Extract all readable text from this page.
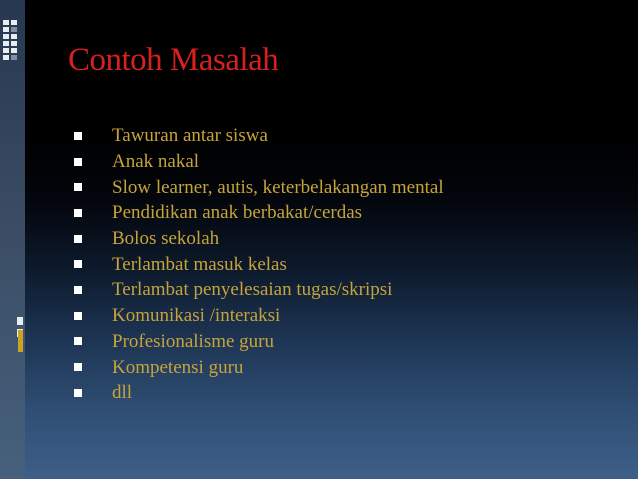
Contoh Masalah
Tawuran antar siswa
Anak nakal
Slow learner, autis, keterbelakangan mental
Pendidikan anak berbakat/cerdas
Bolos sekolah
Terlambat masuk kelas
Terlambat penyelesaian tugas/skripsi
Komunikasi /interaksi
Profesionalisme guru
Kompetensi guru
dll
